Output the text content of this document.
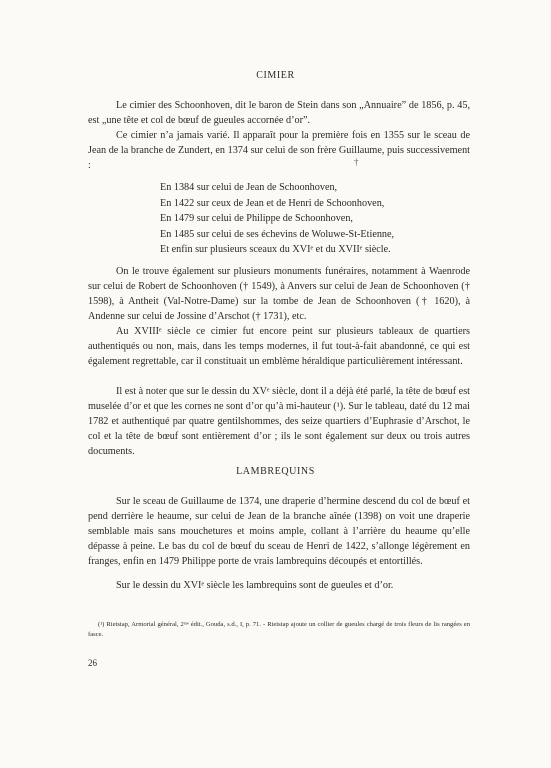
CIMIER
Le cimier des Schoonhoven, dit le baron de Stein dans son „Annuaire” de 1856, p. 45, est „une tête et col de bœuf de gueules accornée d’or”.
Ce cimier n’a jamais varié. Il apparaît pour la première fois en 1355 sur le sceau de Jean de la branche de Zundert, en 1374 sur celui de son frère Guillaume, puis successivement :	†
En 1384 sur celui de Jean de Schoonhoven,
En 1422 sur ceux de Jean et de Henri de Schoonhoven,
En 1479 sur celui de Philippe de Schoonhoven,
En 1485 sur celui de ses échevins de Woluwe-St-Etienne,
Et enfin sur plusieurs sceaux du XVIᵉ et du XVIIᵉ siècle.
On le trouve également sur plusieurs monuments funéraires, notamment à Waenrode sur celui de Robert de Schoonhoven († 1549), à Anvers sur celui de Jean de Schoonhoven († 1598), à Antheit (Val-Notre-Dame) sur la tombe de Jean de Schoonhoven († 1620), à Andenne sur celui de Jossine d’Arschot († 1731), etc.
Au XVIIIᵉ siècle ce cimier fut encore peint sur plusieurs tableaux de quartiers authentiqués ou non, mais, dans les temps modernes, il fut tout-à-fait abandonné, ce qui est également regrettable, car il constituait un emblème héraldique particulièrement intéressant.
Il est à noter que sur le dessin du XVᵉ siècle, dont il a déjà été parlé, la tête de bœuf est muselée d’or et que les cornes ne sont d’or qu’à mi-hauteur (¹). Sur le tableau, daté du 12 mai 1782 et authentiqué par quatre gentilshommes, des seize quartiers d’Euphrasie d’Arschot, le col et la tête de bœuf sont entièrement d’or ; ils le sont également sur deux ou trois autres documents.
LAMBREQUINS
Sur le sceau de Guillaume de 1374, une draperie d’hermine descend du col de bœuf et pend derrière le heaume, sur celui de Jean de la branche aînée (1398) on voit une draperie semblable mais sans mouchetures et moins ample, collant à l’arrière du heaume qu’elle dépasse à peine. Le bas du col de bœuf du sceau de Henri de 1422, s’allonge légèrement en franges, enfin en 1479 Philippe porte de vrais lambrequins découpés et entortillés.
Sur le dessin du XVIᵉ siècle les lambrequins sont de gueules et d’or.
(¹) Rietstap, Armorial général, 2ᵐᵉ édit., Gouda, s.d., I, p. 71. - Rietstap ajoute un collier de gueules chargé de trois fleurs de lis rangées en fasce.
26
